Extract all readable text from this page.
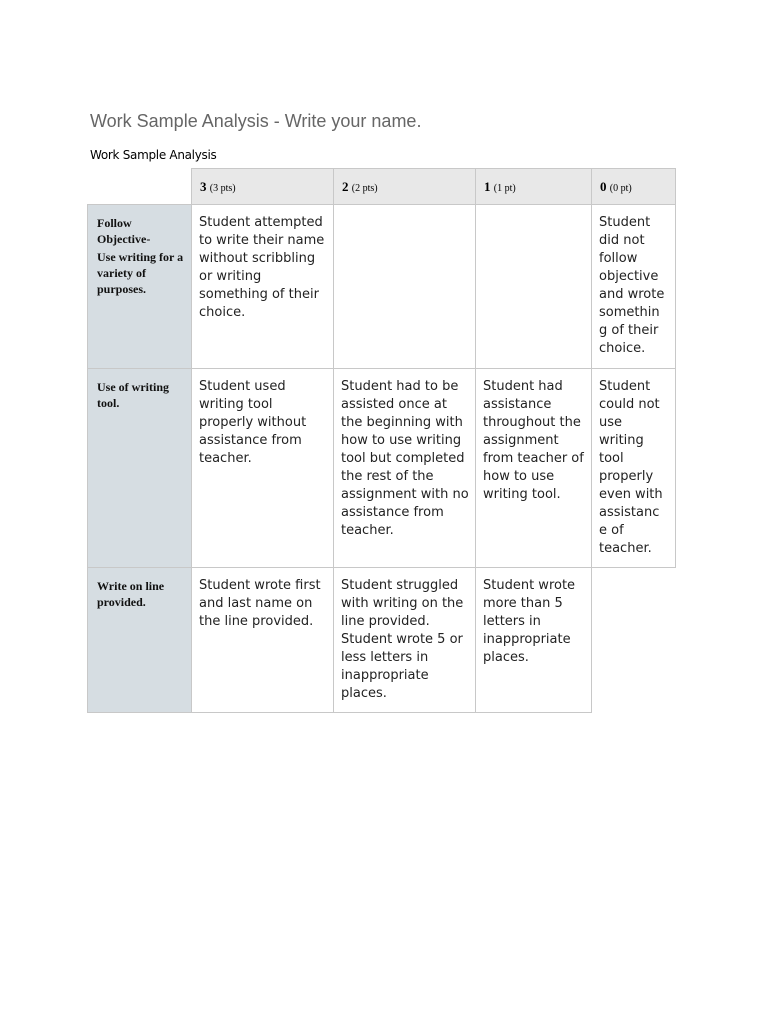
Work Sample Analysis - Write your name.
Work Sample Analysis

	3 (3 pts)	2 (2 pts)	1 (1 pt)	0 (0 pt)

Follow Objective-
Use writing for a variety of purposes.	Student attempted to write their name without scribbling or writing something of their choice.			Student did not follow objective and wrote somethin g of their choice.

Use of writing tool.	Student used writing tool properly without assistance from teacher.	Student had to be assisted once at the beginning with how to use writing tool but completed the rest of the assignment with no assistance from teacher.	Student had assistance throughout the assignment from teacher of how to use writing tool.	Student could not use writing tool properly even with assistanc e of teacher.

Write on line provided.	Student wrote first and last name on the line provided.	Student struggled with writing on the line provided. Student wrote 5 or less letters in inappropriate places.	Student wrote more than 5 letters in inappropriate places.	
